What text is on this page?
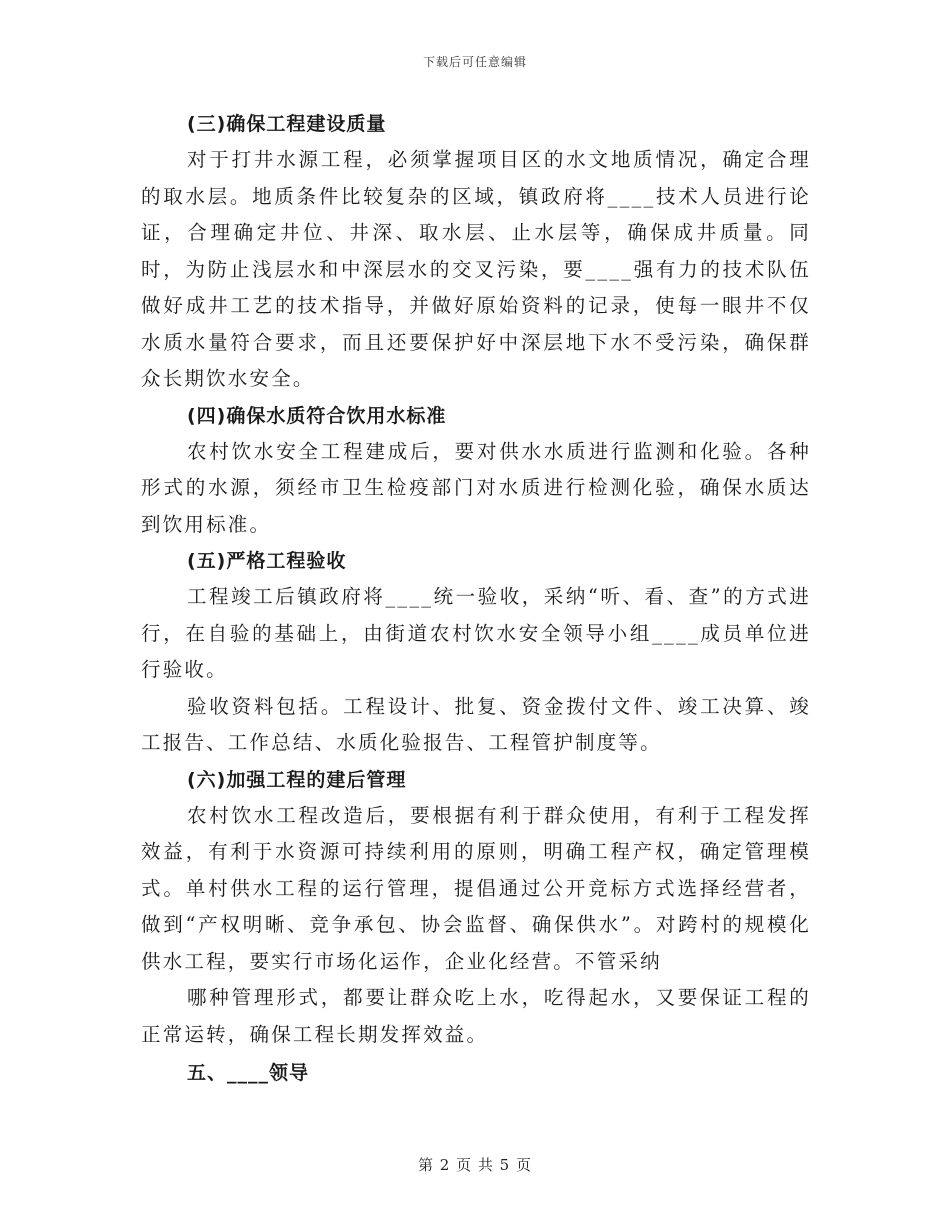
下载后可任意编辑

(三)确保工程建设质量

对于打井水源工程，必须掌握项目区的水文地质情况，确定合理的取水层。地质条件比较复杂的区域，镇政府将____技术人员进行论证，合理确定井位、井深、取水层、止水层等，确保成井质量。同时，为防止浅层水和中深层水的交叉污染，要____强有力的技术队伍做好成井工艺的技术指导，并做好原始资料的记录，使每一眼井不仅水质水量符合要求，而且还要保护好中深层地下水不受污染，确保群众长期饮水安全。

(四)确保水质符合饮用水标准

农村饮水安全工程建成后，要对供水水质进行监测和化验。各种形式的水源，须经市卫生检疫部门对水质进行检测化验，确保水质达到饮用标准。

(五)严格工程验收

工程竣工后镇政府将____统一验收，采纳“听、看、查”的方式进行，在自验的基础上，由街道农村饮水安全领导小组____成员单位进行验收。

验收资料包括。工程设计、批复、资金拨付文件、竣工决算、竣工报告、工作总结、水质化验报告、工程管护制度等。

(六)加强工程的建后管理

农村饮水工程改造后，要根据有利于群众使用，有利于工程发挥效益，有利于水资源可持续利用的原则，明确工程产权，确定管理模式。单村供水工程的运行管理，提倡通过公开竞标方式选择经营者，做到“产权明晰、竞争承包、协会监督、确保供水”。对跨村的规模化供水工程，要实行市场化运作，企业化经营。不管采纳

哪种管理形式，都要让群众吃上水，吃得起水，又要保证工程的正常运转，确保工程长期发挥效益。

五、____领导

第 2 页 共 5 页
